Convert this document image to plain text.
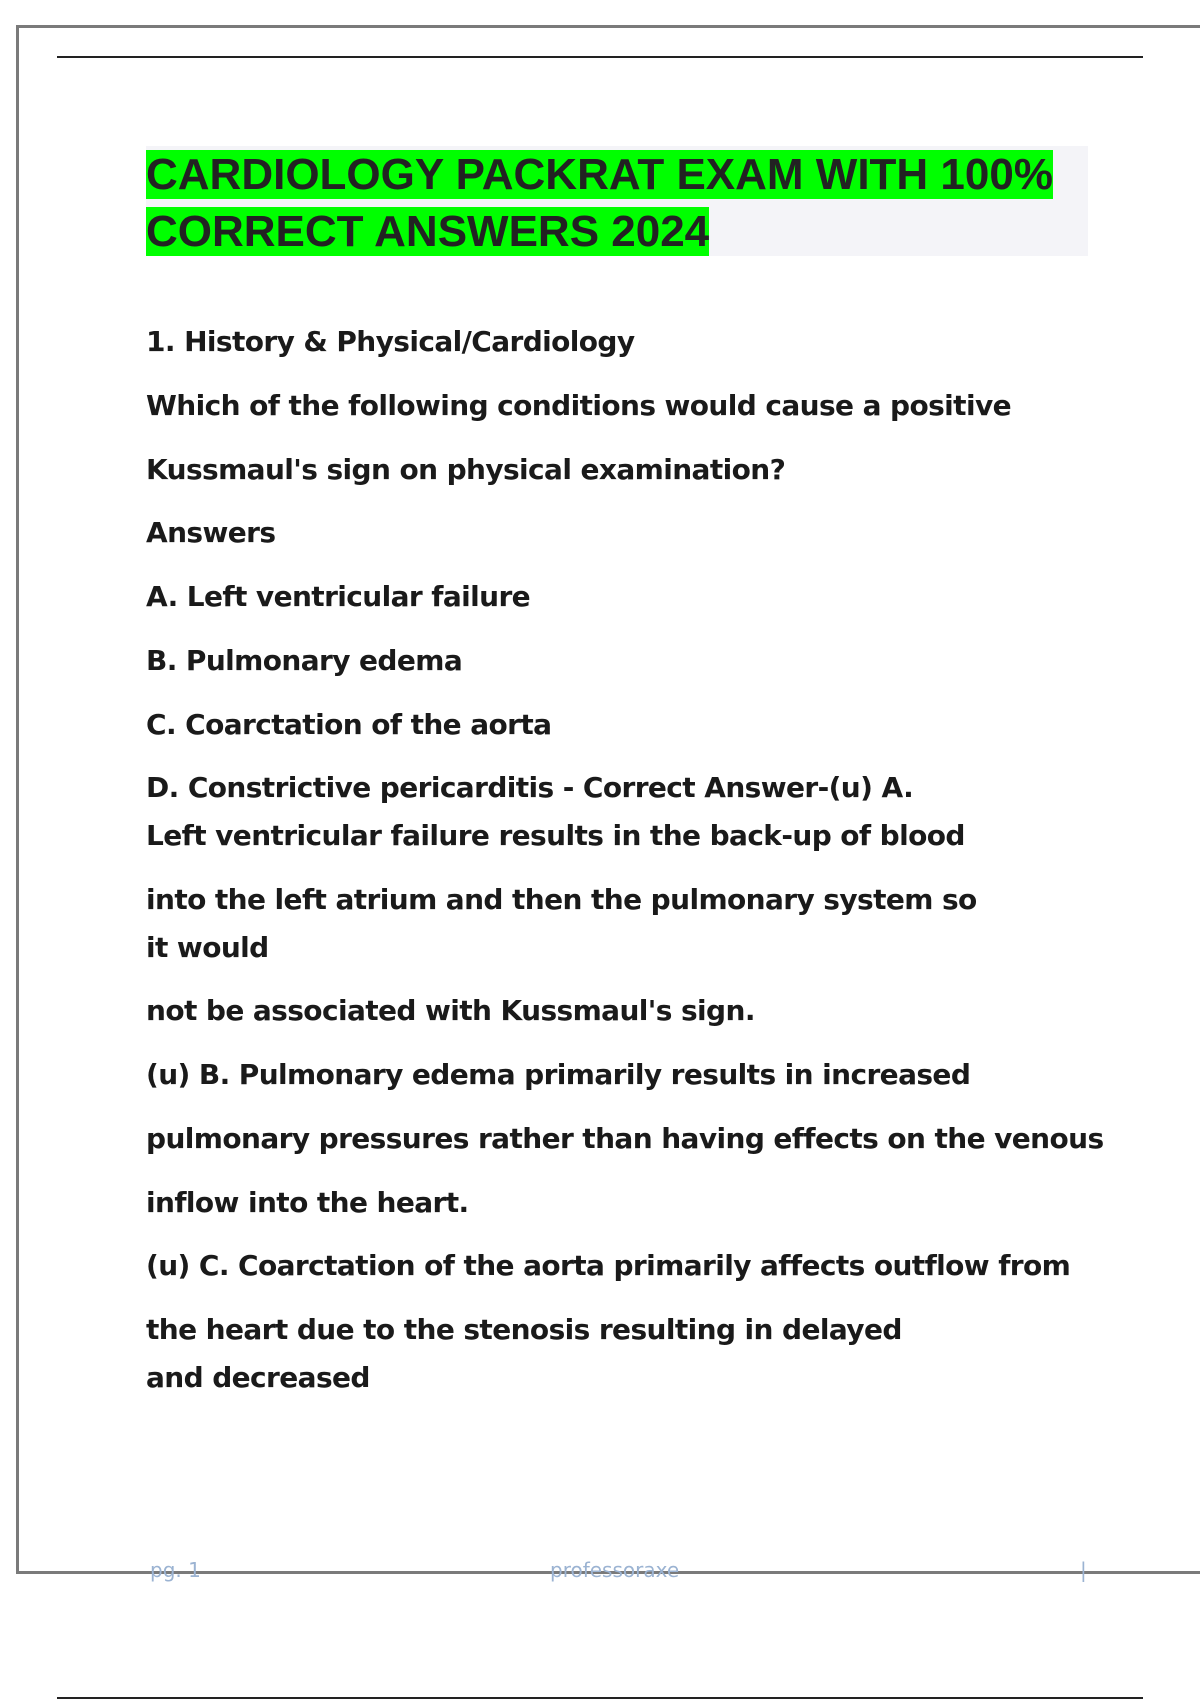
CARDIOLOGY PACKRAT EXAM WITH 100% CORRECT ANSWERS 2024

1. History & Physical/Cardiology

Which of the following conditions would cause a positive

Kussmaul's sign on physical examination?

Answers

A. Left ventricular failure

B. Pulmonary edema

C. Coarctation of the aorta

D. Constrictive pericarditis - Correct Answer-(u) A. Left ventricular failure results in the back-up of blood

into the left atrium and then the pulmonary system so it would

not be associated with Kussmaul's sign.

(u) B. Pulmonary edema primarily results in increased

pulmonary pressures rather than having effects on the venous

inflow into the heart.

(u) C. Coarctation of the aorta primarily affects outflow from

the heart due to the stenosis resulting in delayed and decreased

pg. 1	professoraxe	|
